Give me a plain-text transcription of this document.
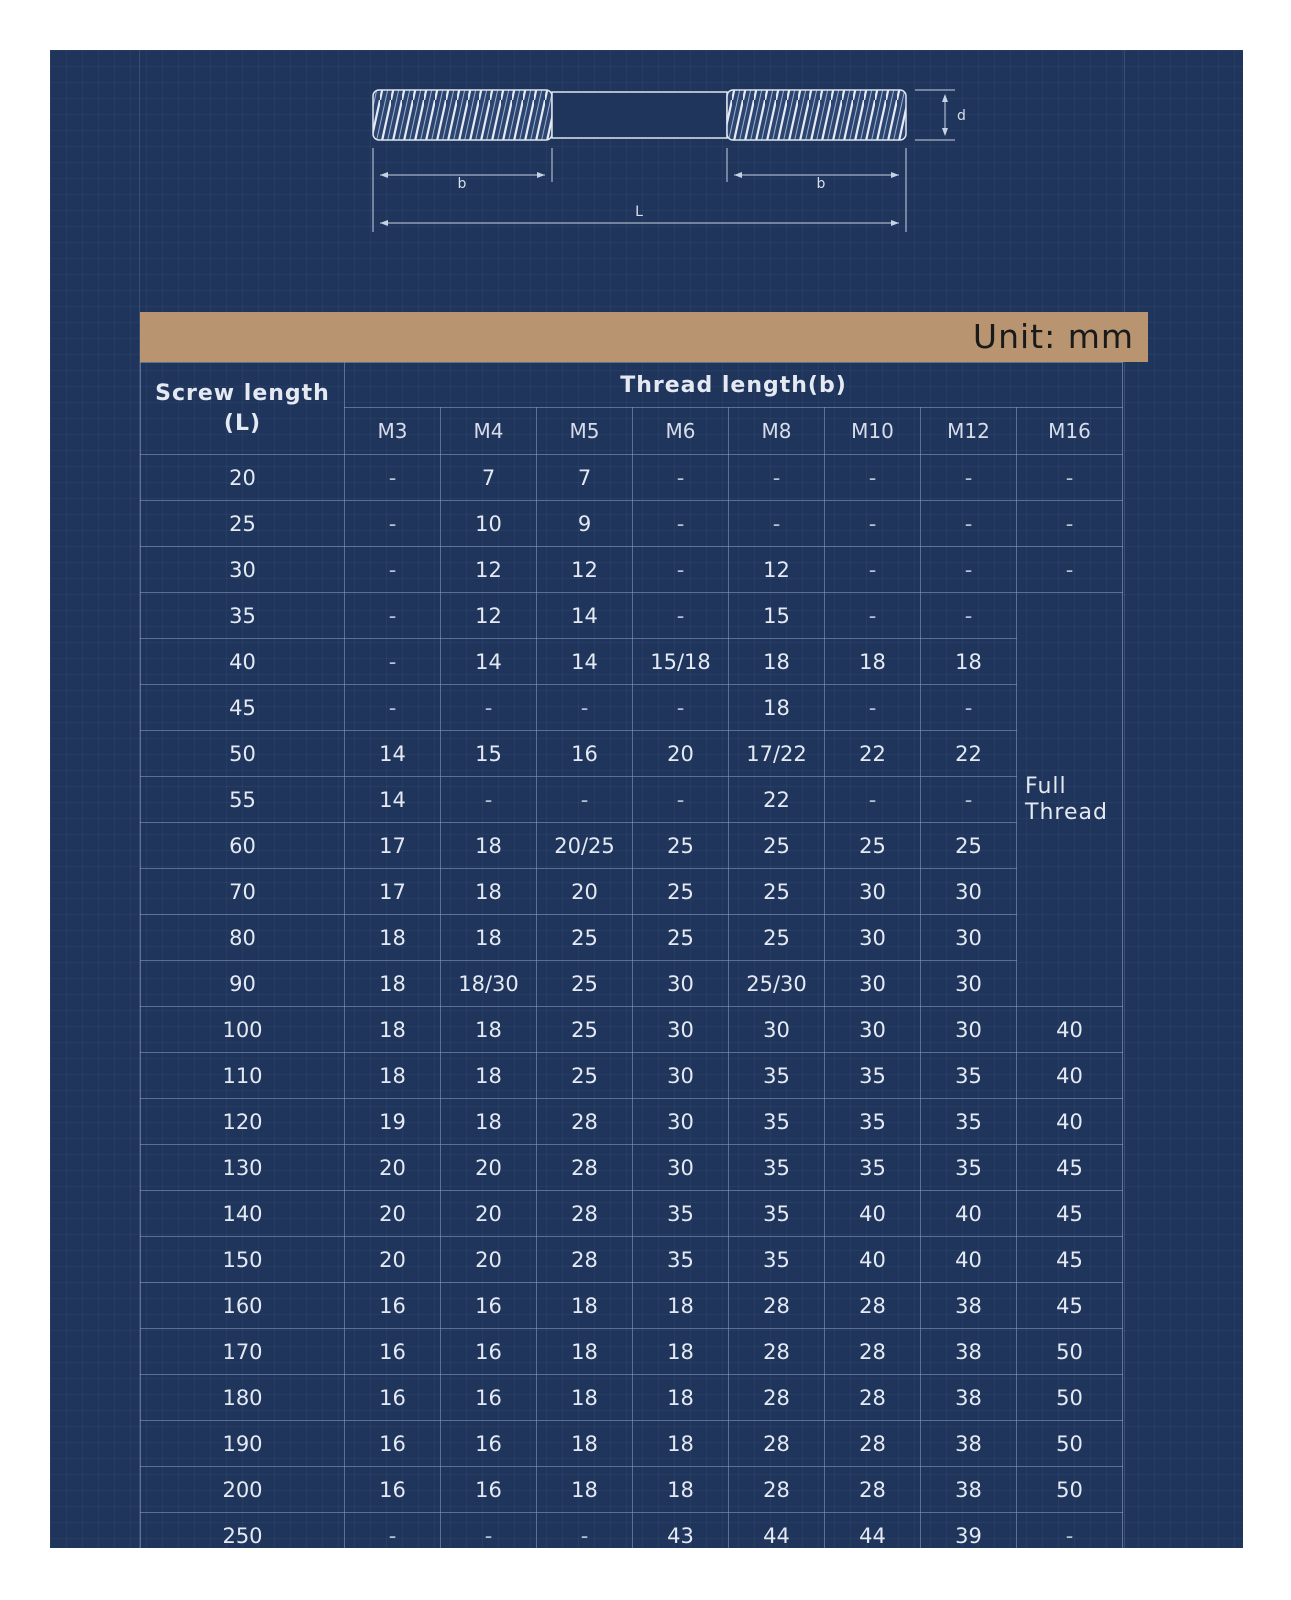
b	b
L
d
Unit: mm
Screw length
(L)	Thread length(b)							
	M3	M4	M5	M6	M8	M10	M12	M16
20	-	7	7	-	-	-	-	-
25	-	10	9	-	-	-	-	-
30	-	12	12	-	12	-	-	-
35	-	12	14	-	15	-	-	Full
Thread
40	-	14	14	15/18	18	18	18	
45	-	-	-	-	18	-	-	
50	14	15	16	20	17/22	22	22	
55	14	-	-	-	22	-	-	
60	17	18	20/25	25	25	25	25	
70	17	18	20	25	25	30	30	
80	18	18	25	25	25	30	30	
90	18	18/30	25	30	25/30	30	30	
100	18	18	25	30	30	30	30	40
110	18	18	25	30	35	35	35	40
120	19	18	28	30	35	35	35	40
130	20	20	28	30	35	35	35	45
140	20	20	28	35	35	40	40	45
150	20	20	28	35	35	40	40	45
160	16	16	18	18	28	28	38	45
170	16	16	18	18	28	28	38	50
180	16	16	18	18	28	28	38	50
190	16	16	18	18	28	28	38	50
200	16	16	18	18	28	28	38	50
250	-	-	-	43	44	44	39	-
